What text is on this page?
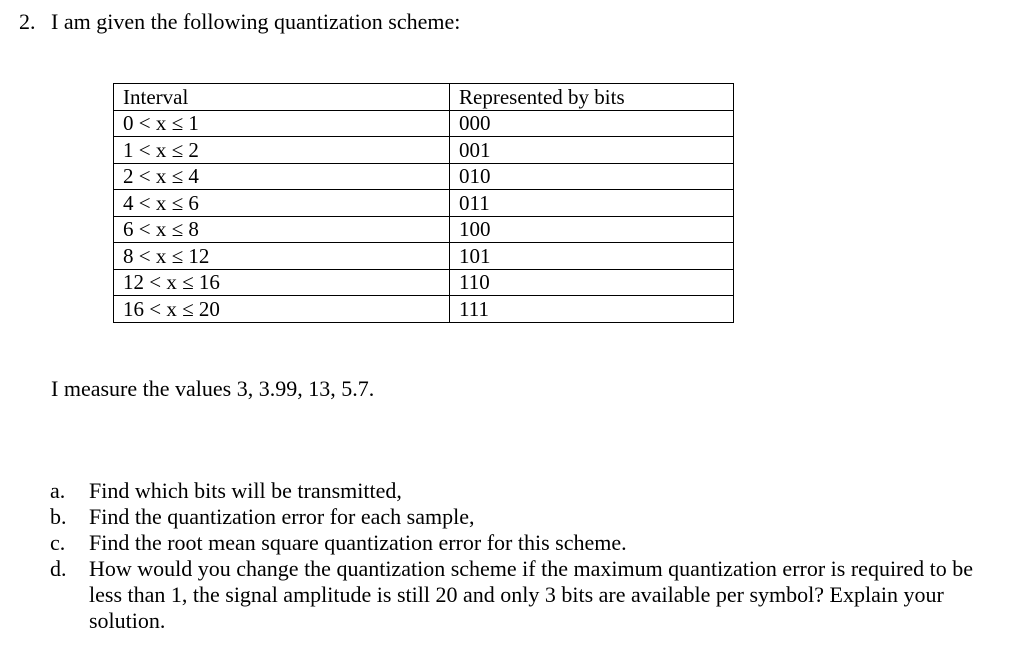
2. I am given the following quantization scheme:
Interval	Represented by bits
0 < x ≤ 1	000
1 < x ≤ 2	001
2 < x ≤ 4	010
4 < x ≤ 6	011
6 < x ≤ 8	100
8 < x ≤ 12	101
12 < x ≤ 16	110
16 < x ≤ 20	111
I measure the values 3, 3.99, 13, 5.7.
a.	Find which bits will be transmitted,
b.	Find the quantization error for each sample,
c.	Find the root mean square quantization error for this scheme.
d.	How would you change the quantization scheme if the maximum quantization error is required to be less than 1, the signal amplitude is still 20 and only 3 bits are available per symbol? Explain your solution.
